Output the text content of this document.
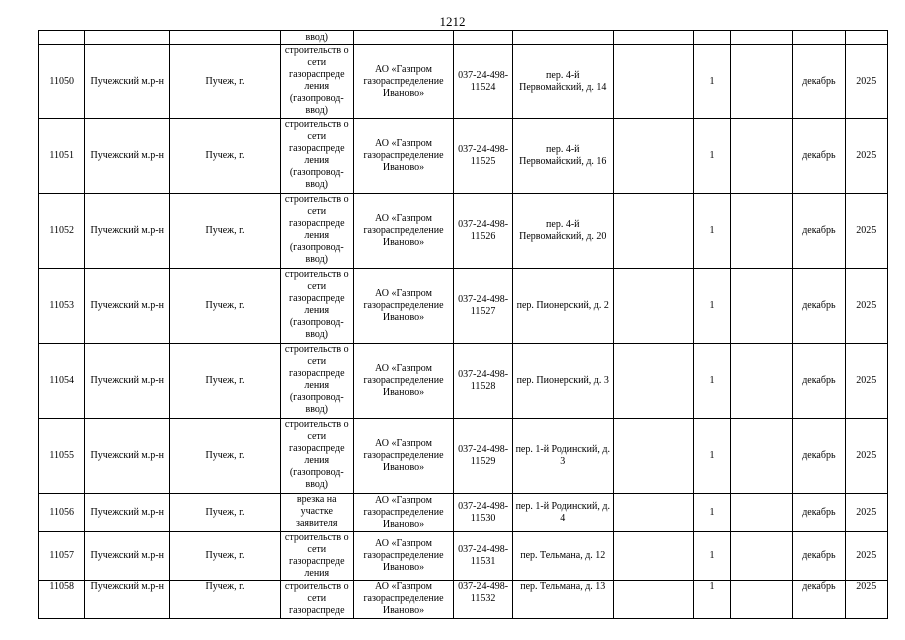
1212
			ввод)								
11050	Пучежский м.р-н	Пучеж, г.	строительств о сети газораспреде ления (газопровод-ввод)	АО «Газпром газораспределение Иваново»	037-24-498-11524	пер. 4-й Первомайский, д. 14		1		декабрь	2025
11051	Пучежский м.р-н	Пучеж, г.	строительств о сети газораспреде ления (газопровод-ввод)	АО «Газпром газораспределение Иваново»	037-24-498-11525	пер. 4-й Первомайский, д. 16		1		декабрь	2025
11052	Пучежский м.р-н	Пучеж, г.	строительств о сети газораспреде ления (газопровод-ввод)	АО «Газпром газораспределение Иваново»	037-24-498-11526	пер. 4-й Первомайский, д. 20		1		декабрь	2025
11053	Пучежский м.р-н	Пучеж, г.	строительств о сети газораспреде ления (газопровод-ввод)	АО «Газпром газораспределение Иваново»	037-24-498-11527	пер. Пионерский, д. 2		1		декабрь	2025
11054	Пучежский м.р-н	Пучеж, г.	строительств о сети газораспреде ления (газопровод-ввод)	АО «Газпром газораспределение Иваново»	037-24-498-11528	пер. Пионерский, д. 3		1		декабрь	2025
11055	Пучежский м.р-н	Пучеж, г.	строительств о сети газораспреде ления (газопровод-ввод)	АО «Газпром газораспределение Иваново»	037-24-498-11529	пер. 1-й Родинский, д. 3		1		декабрь	2025
11056	Пучежский м.р-н	Пучеж, г.	врезка на участке заявителя	АО «Газпром газораспределение Иваново»	037-24-498-11530	пер. 1-й Родинский, д. 4		1		декабрь	2025
11057	Пучежский м.р-н	Пучеж, г.	строительств о сети газораспреде ления	АО «Газпром газораспределение Иваново»	037-24-498-11531	пер. Тельмана, д. 12		1		декабрь	2025
11058	Пучежский м.р-н	Пучеж, г.	строительств о сети газораспреде	АО «Газпром газораспределение Иваново»	037-24-498-11532	пер. Тельмана, д. 13		1		декабрь	2025
